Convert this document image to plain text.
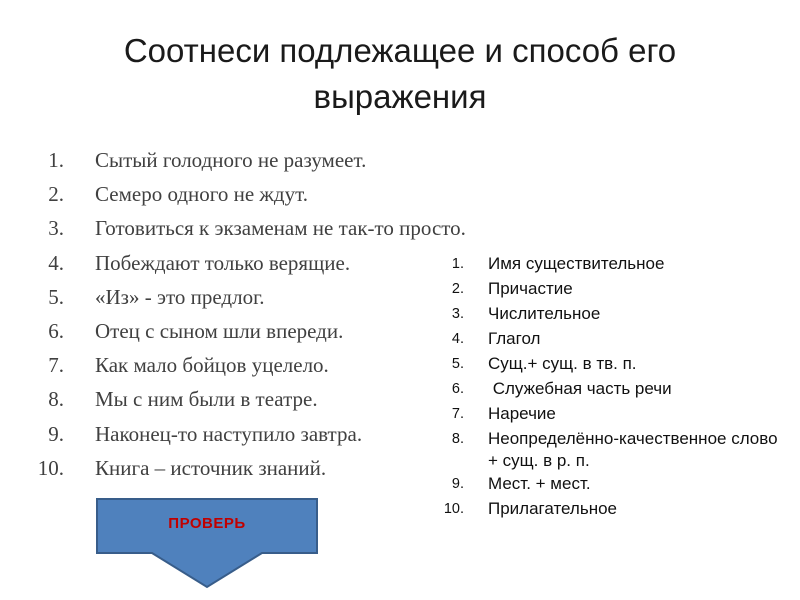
Соотнеси подлежащее и способ его
выражения
1. Сытый голодного не разумеет.
2. Семеро одного не ждут.
3. Готовиться к экзаменам не так-то просто.
4. Побеждают только верящие.
5. «Из» - это предлог.
6. Отец с сыном шли впереди.
7. Как мало бойцов уцелело.
8. Мы с ним были в театре.
9. Наконец-то наступило завтра.
10. Книга – источник знаний.
1. Имя существительное
2. Причастие
3. Числительное
4. Глагол
5. Сущ.+ сущ. в тв. п.
6. Служебная часть речи
7. Наречие
8. Неопределённо-качественное слово + сущ. в р. п.
9. Мест. + мест.
10. Прилагательное
ПРОВЕРЬ
